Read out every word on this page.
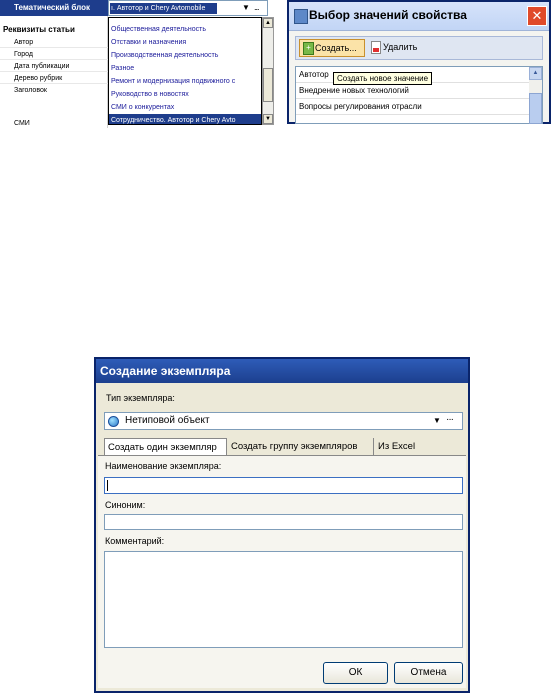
Тематический блок	ı. Автотор и Chery Avtomobile	▼ ...
Реквизиты статьи
Автор
Город
Дата публикации
Дерево рубрик
Заголовок
Общественная деятельность
Отставки и назначения
Производственная деятельность
Разное
Ремонт и модернизация подвижного с
Руководство в новостях
СМИ о конкурентах
Сотрудничество. Автотор и Chery Avto
▲
▼
СМИ
Выбор значений свойства	✕
+ Создать...	Удалить
Автотор
Внедрение новых технологий
Вопросы регулирования отрасли
▲
Создать новое значение
Создание экземпляра
Тип экземпляра:
Нетиповой объект	▼ ···
Создать один экземпляр	Создать группу экземпляров	Из Excel
Наименование экземпляра:
Синоним:
Комментарий:
ОК	Отмена
